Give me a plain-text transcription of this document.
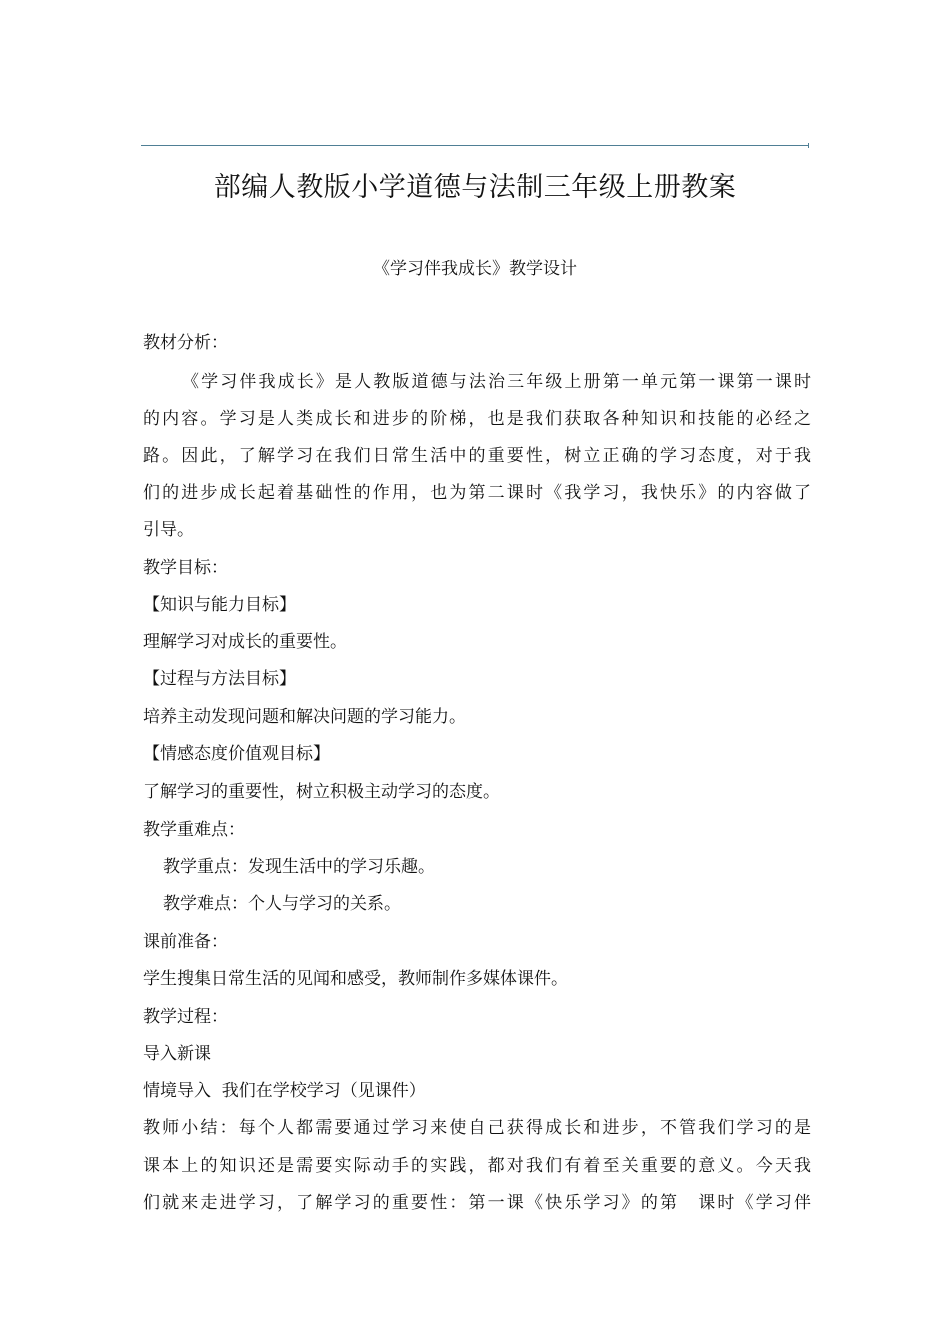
部编人教版小学道德与法制三年级上册教案
《学习伴我成长》教学设计
教材分析：
《学习伴我成长》是人教版道德与法治三年级上册第一单元第一课第一课时
的内容。学习是人类成长和进步的阶梯，也是我们获取各种知识和技能的必经之
路。因此，了解学习在我们日常生活中的重要性，树立正确的学习态度，对于我
们的进步成长起着基础性的作用，也为第二课时《我学习，我快乐》的内容做了
引导。
教学目标：
【知识与能力目标】
理解学习对成长的重要性。
【过程与方法目标】
培养主动发现问题和解决问题的学习能力。
【情感态度价值观目标】
了解学习的重要性，树立积极主动学习的态度。
教学重难点：
教学重点：发现生活中的学习乐趣。
教学难点：个人与学习的关系。
课前准备：
学生搜集日常生活的见闻和感受，教师制作多媒体课件。
教学过程：
导入新课
情境导入  我们在学校学习（见课件）
教师小结：每个人都需要通过学习来使自己获得成长和进步，不管我们学习的是
课本上的知识还是需要实际动手的实践，都对我们有着至关重要的意义。今天我
们就来走进学习，了解学习的重要性：第一课《快乐学习》的第　课时《学习伴
